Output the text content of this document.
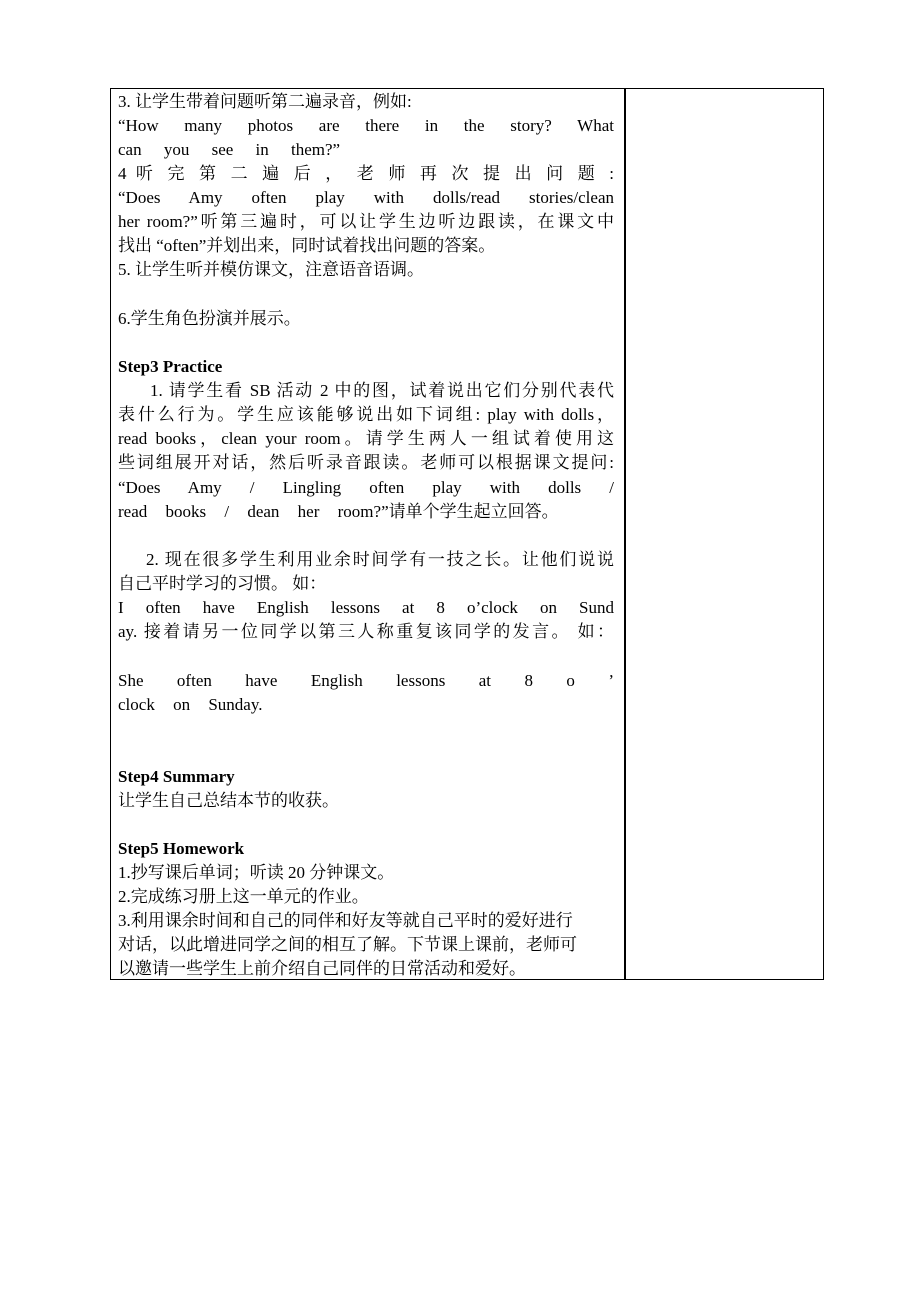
3. 让学生带着问题听第二遍录音，例如:
“How many photos are there in the story? What
can you see in them?”
4 听 完 第 二 遍 后 ， 老 师 再 次 提 出 问 题 :
“Does Amy often play with dolls/read stories/clean
her room?”听第三遍时，可以让学生边听边跟读，在课文中
找出 “often”并划出来，同时试着找出问题的答案。
5. 让学生听并模仿课文，注意语音语调。
6.学生角色扮演并展示。
Step3 Practice
1. 请学生看 SB 活动 2 中的图，试着说出它们分别代表代
表什么行为。学生应该能够说出如下词组: play with dolls，
read books，clean your room。请学生两人一组试着使用这
些词组展开对话，然后听录音跟读。老师可以根据课文提问:
“Does Amy / Lingling often play with dolls /
read books / dean her room?”请单个学生起立回答。
2. 现在很多学生利用业余时间学有一技之长。让他们说说
自己平时学习的习惯。 如：
I often have English lessons at 8 o’clock on Sund
ay. 接着请另一位同学以第三人称重复该同学的发言。 如：
She often have English lessons at 8 o ’
clock on Sunday.
Step4 Summary
让学生自己总结本节的收获。
Step5 Homework
1.抄写课后单词；听读 20 分钟课文。
2.完成练习册上这一单元的作业。
3.利用课余时间和自己的同伴和好友等就自己平时的爱好进行
对话，以此增进同学之间的相互了解。下节课上课前，老师可
以邀请一些学生上前介绍自己同伴的日常活动和爱好。
